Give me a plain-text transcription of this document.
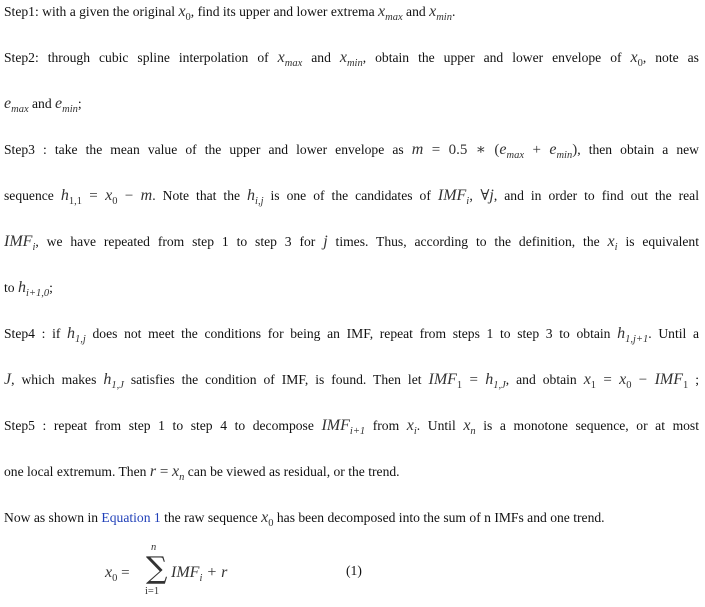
Step1: with a given the original $x_0$, find its upper and lower extrema $x_{max}$ and $x_{min}$.
Step2: through cubic spline interpolation of $x_{max}$ and $x_{min}$, obtain the upper and lower envelope of $x_0$, note as
$e_{max}$ and $e_{min}$;
Step3 : take the mean value of the upper and lower envelope as m = 0.5 ∗ $(e_{max} + e_{min})$, then obtain a new
sequence $h_{1,1} = x_0 - m$. Note that the $h_{i,j}$ is one of the candidates of $IMF_i$, ∀j, and in order to find out the real
$IMF_i$, we have repeated from step 1 to step 3 for j times. Thus, according to the definition, the $x_i$ is equivalent
to $h_{i+1,0}$;
Step4 : if $h_{1,j}$ does not meet the conditions for being an IMF, repeat from steps 1 to step 3 to obtain $h_{1,j+1}$. Until a
J, which makes $h_{1,J}$ satisfies the condition of IMF, is found. Then let $IMF_1 = h_{1,J}$, and obtain $x_1 = x_0 - IMF_1$ ;
Step5 : repeat from step 1 to step 4 to decompose $IMF_{i+1}$ from $x_i$. Until $x_n$ is a monotone sequence, or at most
one local extremum. Then $r = x_n$ can be viewed as residual, or the trend.
Now as shown in Equation 1 the raw sequence $x_0$ has been decomposed into the sum of n IMFs and one trend.
$x_0$ =
n
∑
i=1
$IMF_i + r$	(1)
